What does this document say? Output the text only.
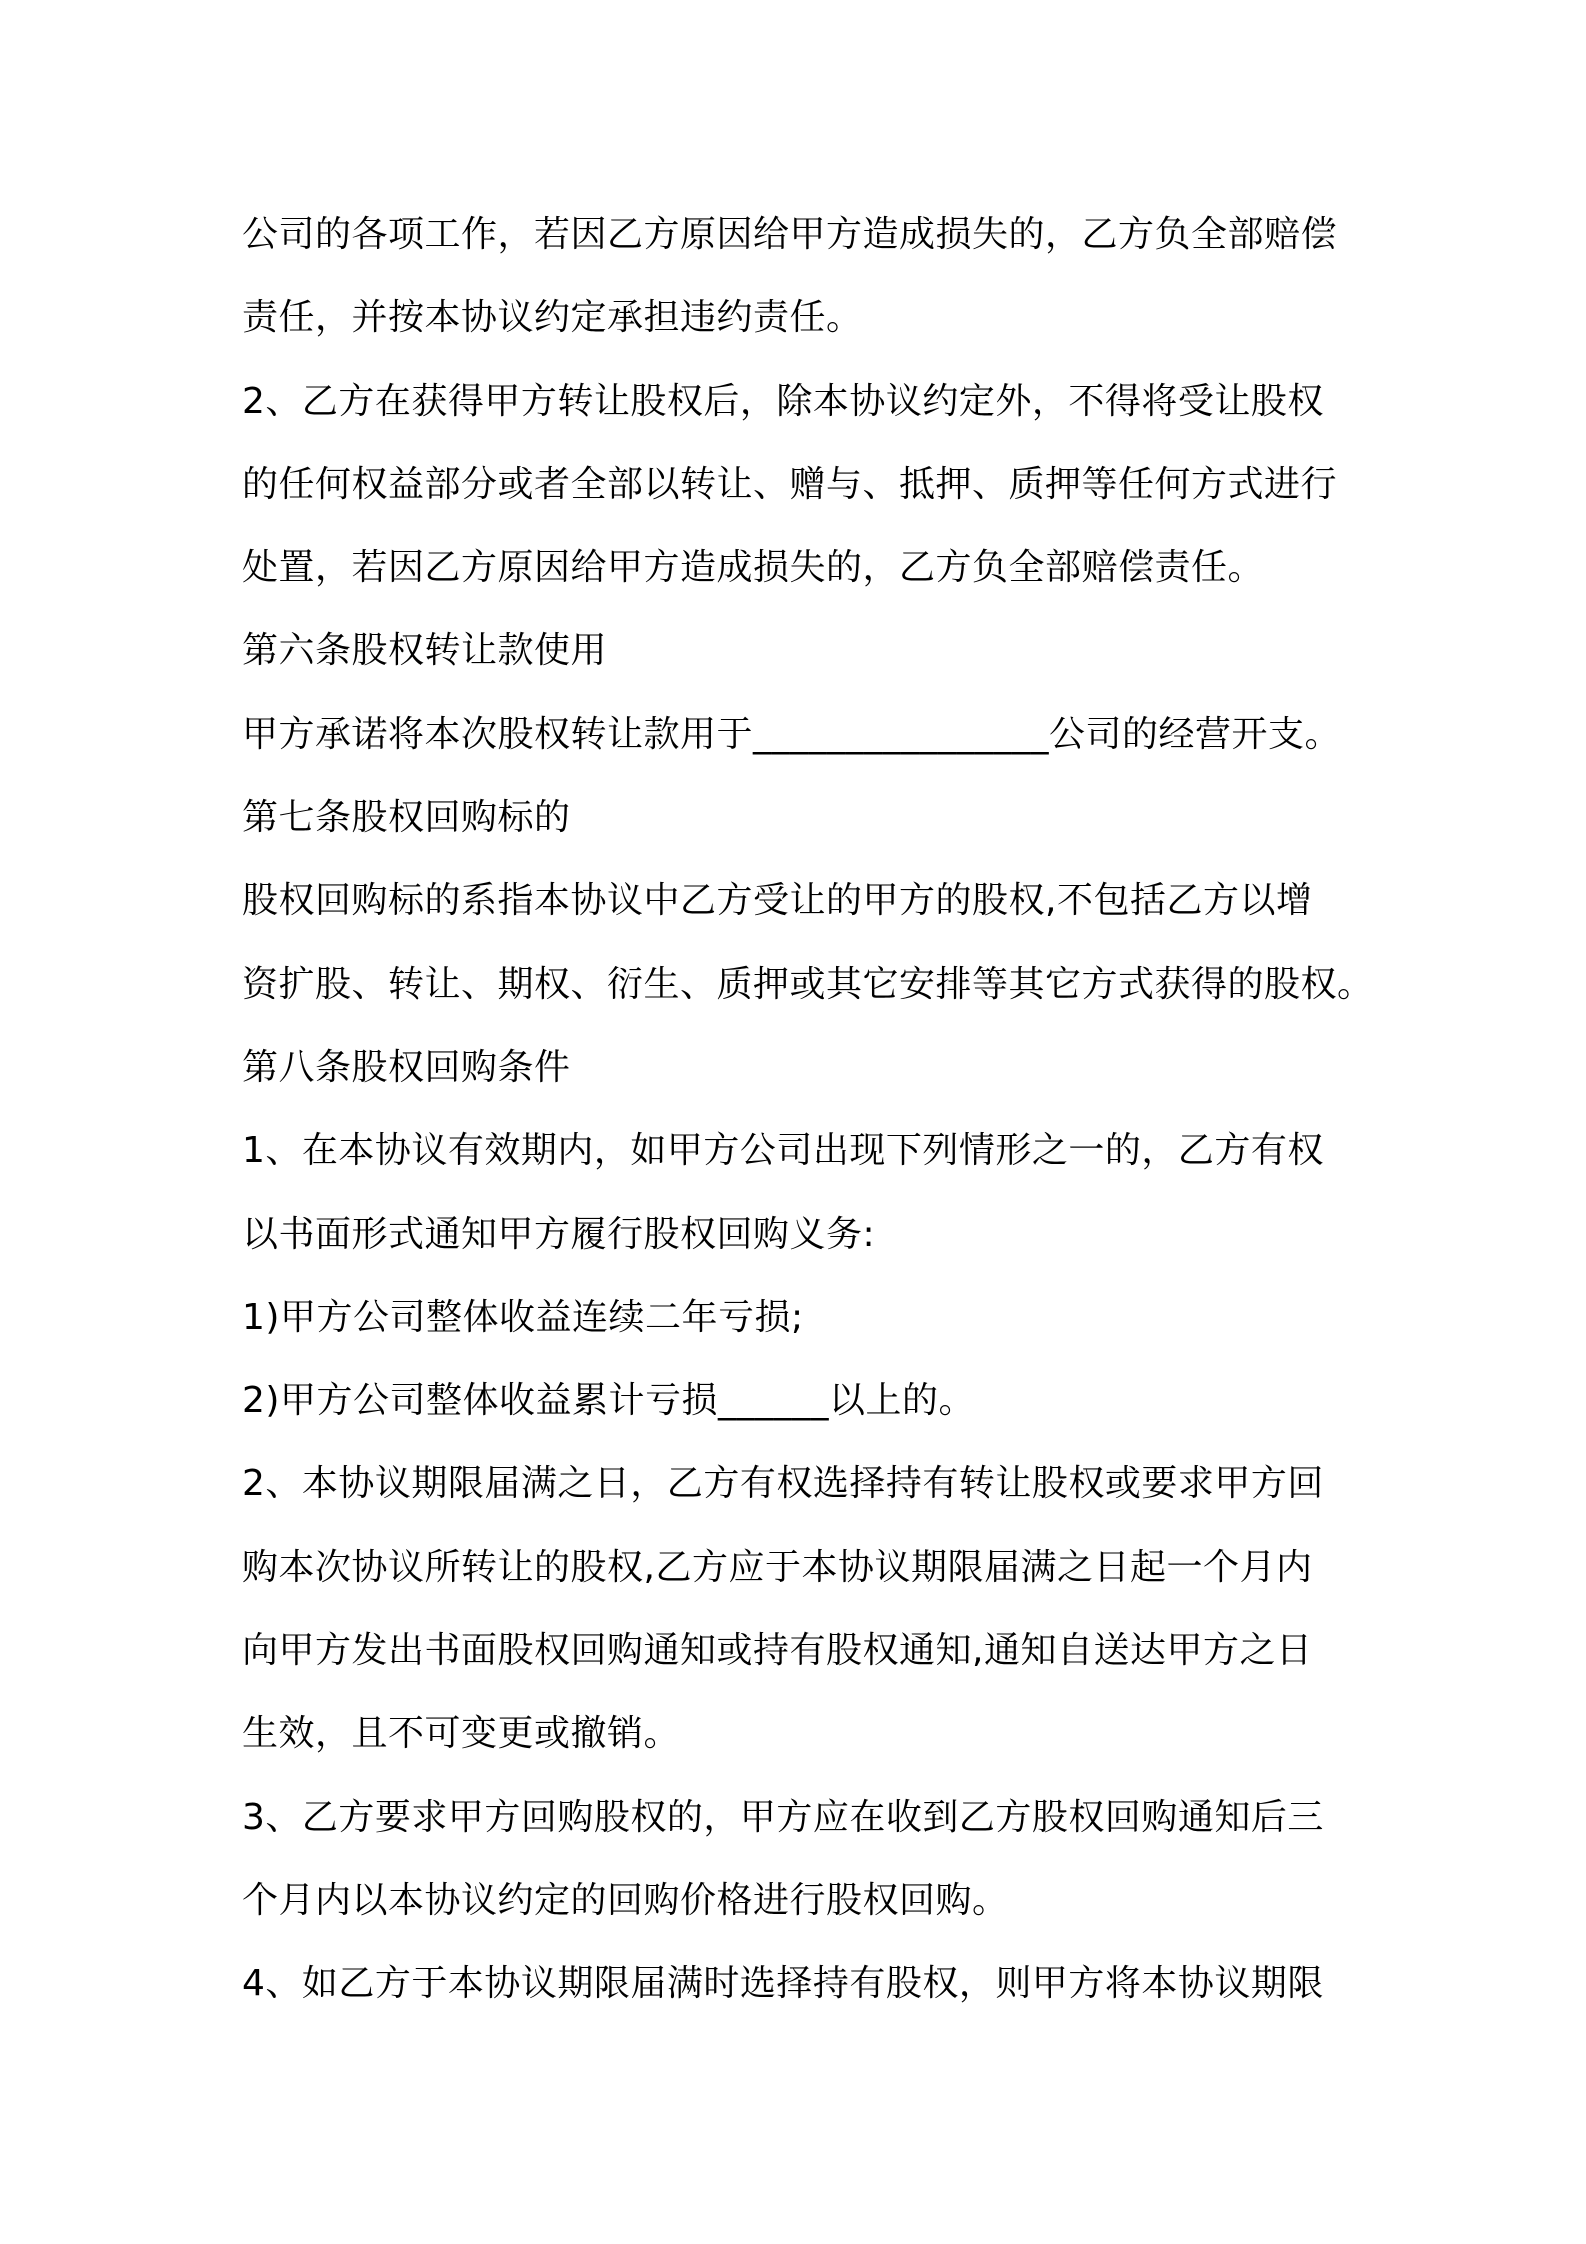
公司的各项工作，若因乙方原因给甲方造成损失的，乙方负全部赔偿
责任，并按本协议约定承担违约责任。
2、乙方在获得甲方转让股权后，除本协议约定外，不得将受让股权
的任何权益部分或者全部以转让、赠与、抵押、质押等任何方式进行
处置，若因乙方原因给甲方造成损失的，乙方负全部赔偿责任。
第六条股权转让款使用
甲方承诺将本次股权转让款用于________________公司的经营开支。
第七条股权回购标的
股权回购标的系指本协议中乙方受让的甲方的股权,不包括乙方以增
资扩股、转让、期权、衍生、质押或其它安排等其它方式获得的股权。
第八条股权回购条件
1、在本协议有效期内，如甲方公司出现下列情形之一的，乙方有权
以书面形式通知甲方履行股权回购义务:
1)甲方公司整体收益连续二年亏损;
2)甲方公司整体收益累计亏损______以上的。
2、本协议期限届满之日，乙方有权选择持有转让股权或要求甲方回
购本次协议所转让的股权,乙方应于本协议期限届满之日起一个月内
向甲方发出书面股权回购通知或持有股权通知,通知自送达甲方之日
生效，且不可变更或撤销。
3、乙方要求甲方回购股权的，甲方应在收到乙方股权回购通知后三
个月内以本协议约定的回购价格进行股权回购。
4、如乙方于本协议期限届满时选择持有股权，则甲方将本协议期限
